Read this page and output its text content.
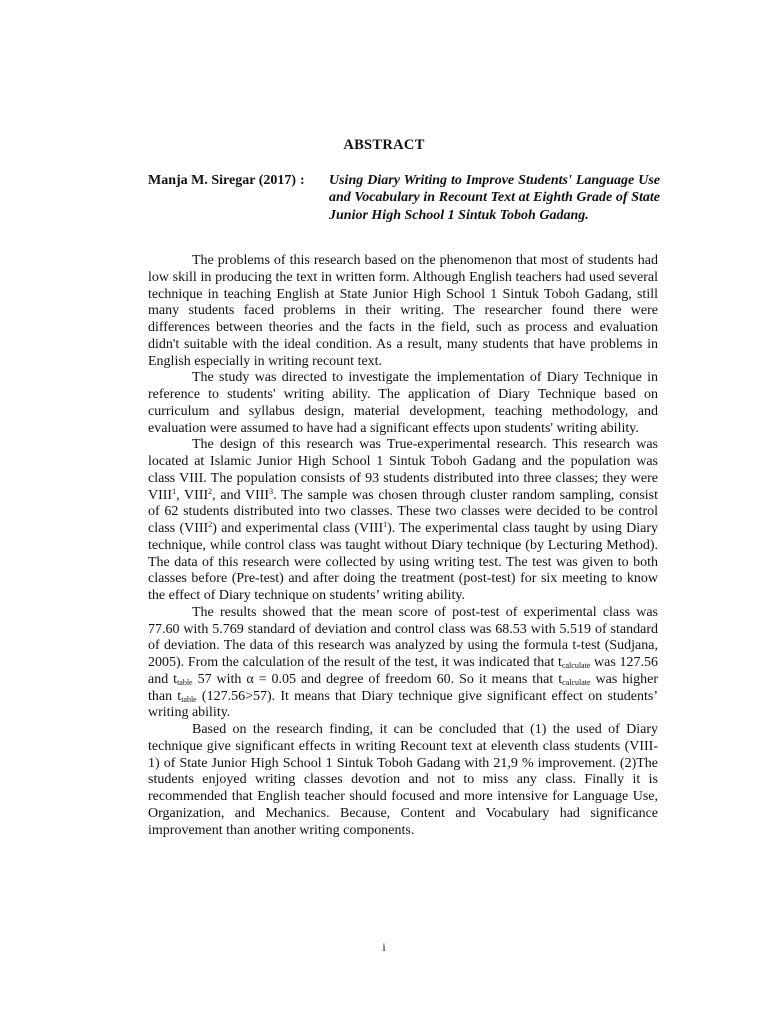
ABSTRACT
Manja M. Siregar (2017) : Using Diary Writing to Improve Students' Language Use and Vocabulary in Recount Text at Eighth Grade of State Junior High School 1 Sintuk Toboh Gadang.

The problems of this research based on the phenomenon that most of students had low skill in producing the text in written form. Although English teachers had used several technique in teaching English at State Junior High School 1 Sintuk Toboh Gadang, still many students faced problems in their writing. The researcher found there were differences between theories and the facts in the field, such as process and evaluation didn't suitable with the ideal condition. As a result, many students that have problems in English especially in writing recount text.

The study was directed to investigate the implementation of Diary Technique in reference to students' writing ability. The application of Diary Technique based on curriculum and syllabus design, material development, teaching methodology, and evaluation were assumed to have had a significant effects upon students' writing ability.

The design of this research was True-experimental research. This research was located at Islamic Junior High School 1 Sintuk Toboh Gadang and the population was class VIII. The population consists of 93 students distributed into three classes; they were VIII$^1$, VIII$^2$, and VIII$^3$. The sample was chosen through cluster random sampling, consist of 62 students distributed into two classes. These two classes were decided to be control class (VIII$^2$) and experimental class (VIII$^1$). The experimental class taught by using Diary technique, while control class was taught without Diary technique (by Lecturing Method). The data of this research were collected by using writing test. The test was given to both classes before (Pre-test) and after doing the treatment (post-test) for six meeting to know the effect of Diary technique on students’ writing ability.

The results showed that the mean score of post-test of experimental class was 77.60 with 5.769 standard of deviation and control class was 68.53 with 5.519 of standard of deviation. The data of this research was analyzed by using the formula t-test (Sudjana, 2005). From the calculation of the result of the test, it was indicated that $t_{calculate}$ was 127.56 and $t_{table}$ 57 with α = 0.05 and degree of freedom 60. So it means that $t_{calculate}$ was higher than $t_{table}$ (127.56>57). It means that Diary technique give significant effect on students’ writing ability.

Based on the research finding, it can be concluded that (1) the used of Diary technique give significant effects in writing Recount text at eleventh class students (VIII-1) of State Junior High School 1 Sintuk Toboh Gadang with 21,9 % improvement. (2)The students enjoyed writing classes devotion and not to miss any class. Finally it is recommended that English teacher should focused and more intensive for Language Use, Organization, and Mechanics. Because, Content and Vocabulary had significance improvement than another writing components.

i
